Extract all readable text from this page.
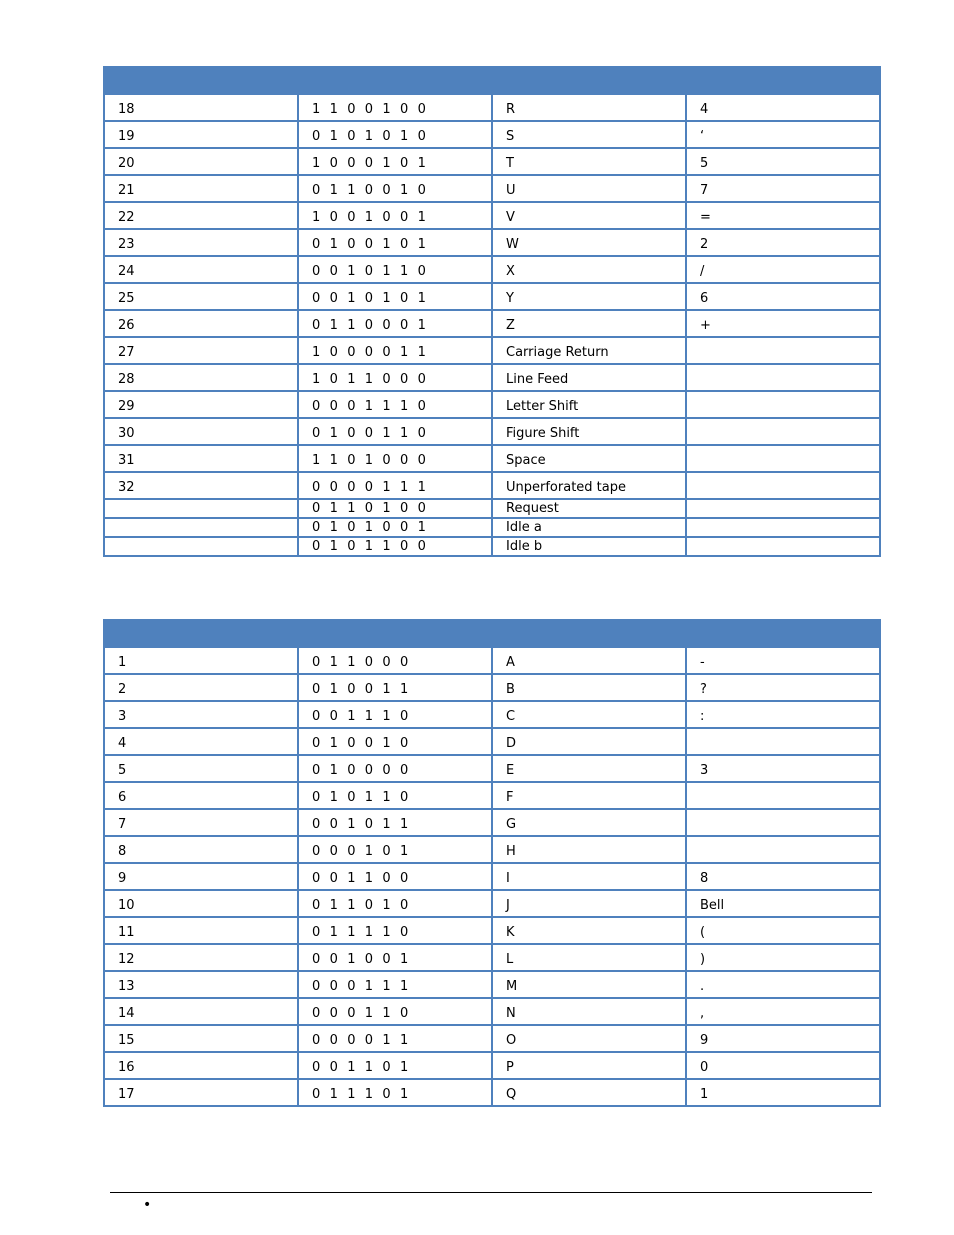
18	1 1 0 0 1 0 0	R	4
19	0 1 0 1 0 1 0	S	‘
20	1 0 0 0 1 0 1	T	5
21	0 1 1 0 0 1 0	U	7
22	1 0 0 1 0 0 1	V	=
23	0 1 0 0 1 0 1	W	2
24	0 0 1 0 1 1 0	X	/
25	0 0 1 0 1 0 1	Y	6
26	0 1 1 0 0 0 1	Z	+
27	1 0 0 0 0 1 1	Carriage Return	
28	1 0 1 1 0 0 0	Line Feed	
29	0 0 0 1 1 1 0	Letter Shift	
30	0 1 0 0 1 1 0	Figure Shift	
31	1 1 0 1 0 0 0	Space	
32	0 0 0 0 1 1 1	Unperforated tape	
	0 1 1 0 1 0 0	Request	
	0 1 0 1 0 0 1	Idle a	
	0 1 0 1 1 0 0	Idle b	

1	0 1 1 0 0 0	A	-
2	0 1 0 0 1 1	B	?
3	0 0 1 1 1 0	C	:
4	0 1 0 0 1 0	D	
5	0 1 0 0 0 0	E	3
6	0 1 0 1 1 0	F	
7	0 0 1 0 1 1	G	
8	0 0 0 1 0 1	H	
9	0 0 1 1 0 0	I	8
10	0 1 1 0 1 0	J	Bell
11	0 1 1 1 1 0	K	(
12	0 0 1 0 0 1	L	)
13	0 0 0 1 1 1	M	.
14	0 0 0 1 1 0	N	,
15	0 0 0 0 1 1	O	9
16	0 0 1 1 0 1	P	0
17	0 1 1 1 0 1	Q	1
•
